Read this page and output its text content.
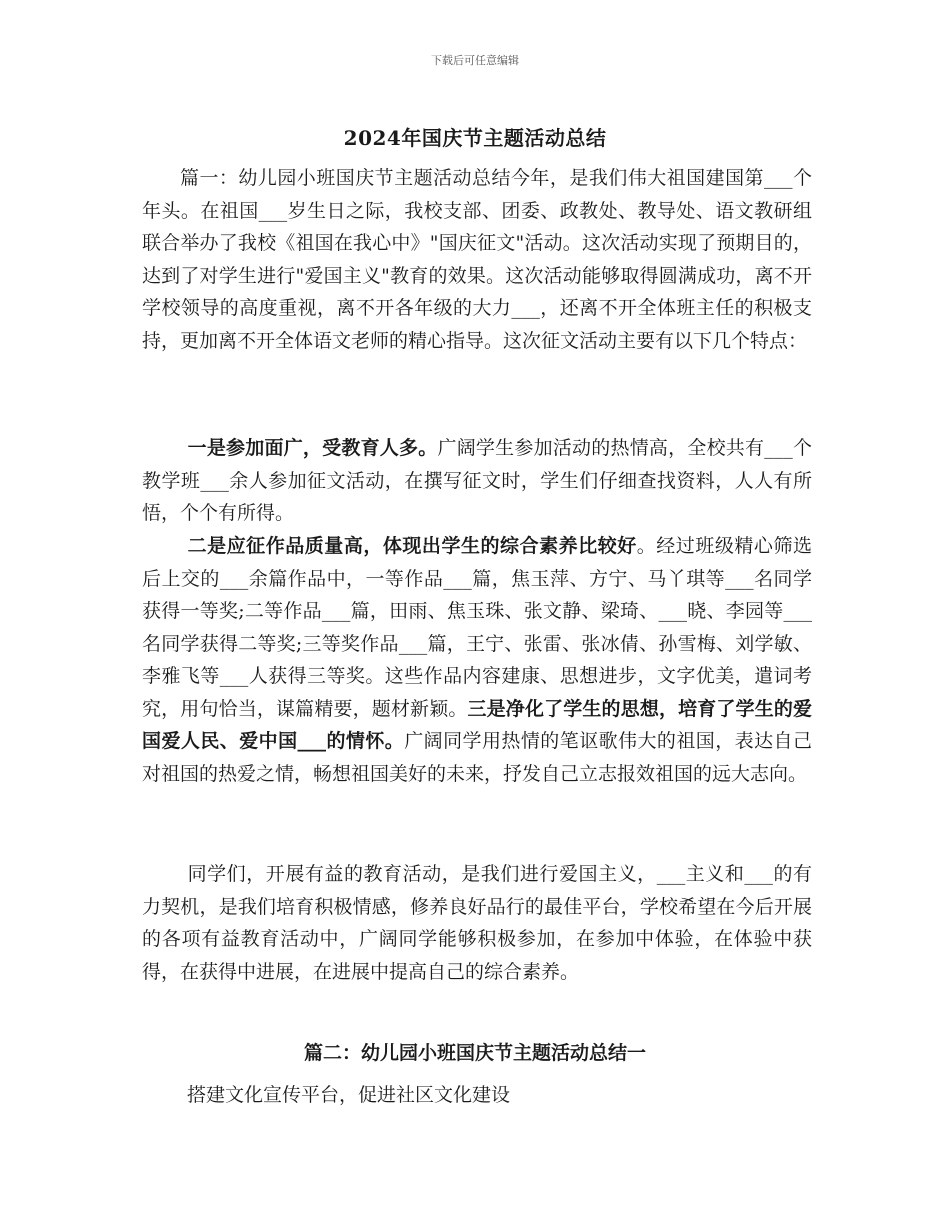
下载后可任意编辑
2024年国庆节主题活动总结

篇一：幼儿园小班国庆节主题活动总结今年，是我们伟大祖国建国第___个年头。在祖国___岁生日之际，我校支部、团委、政教处、教导处、语文教研组联合举办了我校《祖国在我心中》"国庆征文"活动。这次活动实现了预期目的，达到了对学生进行"爱国主义"教育的效果。这次活动能够取得圆满成功，离不开学校领导的高度重视，离不开各年级的大力___，还离不开全体班主任的积极支持，更加离不开全体语文老师的精心指导。这次征文活动主要有以下几个特点：

一是参加面广，受教育人多。广阔学生参加活动的热情高，全校共有___个教学班___余人参加征文活动，在撰写征文时，学生们仔细查找资料，人人有所悟，个个有所得。

二是应征作品质量高，体现出学生的综合素养比较好。经过班级精心筛选后上交的___余篇作品中，一等作品___篇，焦玉萍、方宁、马丫琪等___名同学获得一等奖;二等作品___篇，田雨、焦玉珠、张文静、梁琦、___晓、李园等___名同学获得二等奖;三等奖作品___篇，王宁、张雷、张冰倩、孙雪梅、刘学敏、李雅飞等___人获得三等奖。这些作品内容建康、思想进步，文字优美，遣词考究，用句恰当，谋篇精要，题材新颖。三是净化了学生的思想，培育了学生的爱国爱人民、爱中国___的情怀。广阔同学用热情的笔讴歌伟大的祖国，表达自己对祖国的热爱之情，畅想祖国美好的未来，抒发自己立志报效祖国的远大志向。

同学们，开展有益的教育活动，是我们进行爱国主义，___主义和___的有力契机，是我们培育积极情感，修养良好品行的最佳平台，学校希望在今后开展的各项有益教育活动中，广阔同学能够积极参加，在参加中体验，在体验中获得，在获得中进展，在进展中提高自己的综合素养。

篇二：幼儿园小班国庆节主题活动总结一
搭建文化宣传平台，促进社区文化建设
